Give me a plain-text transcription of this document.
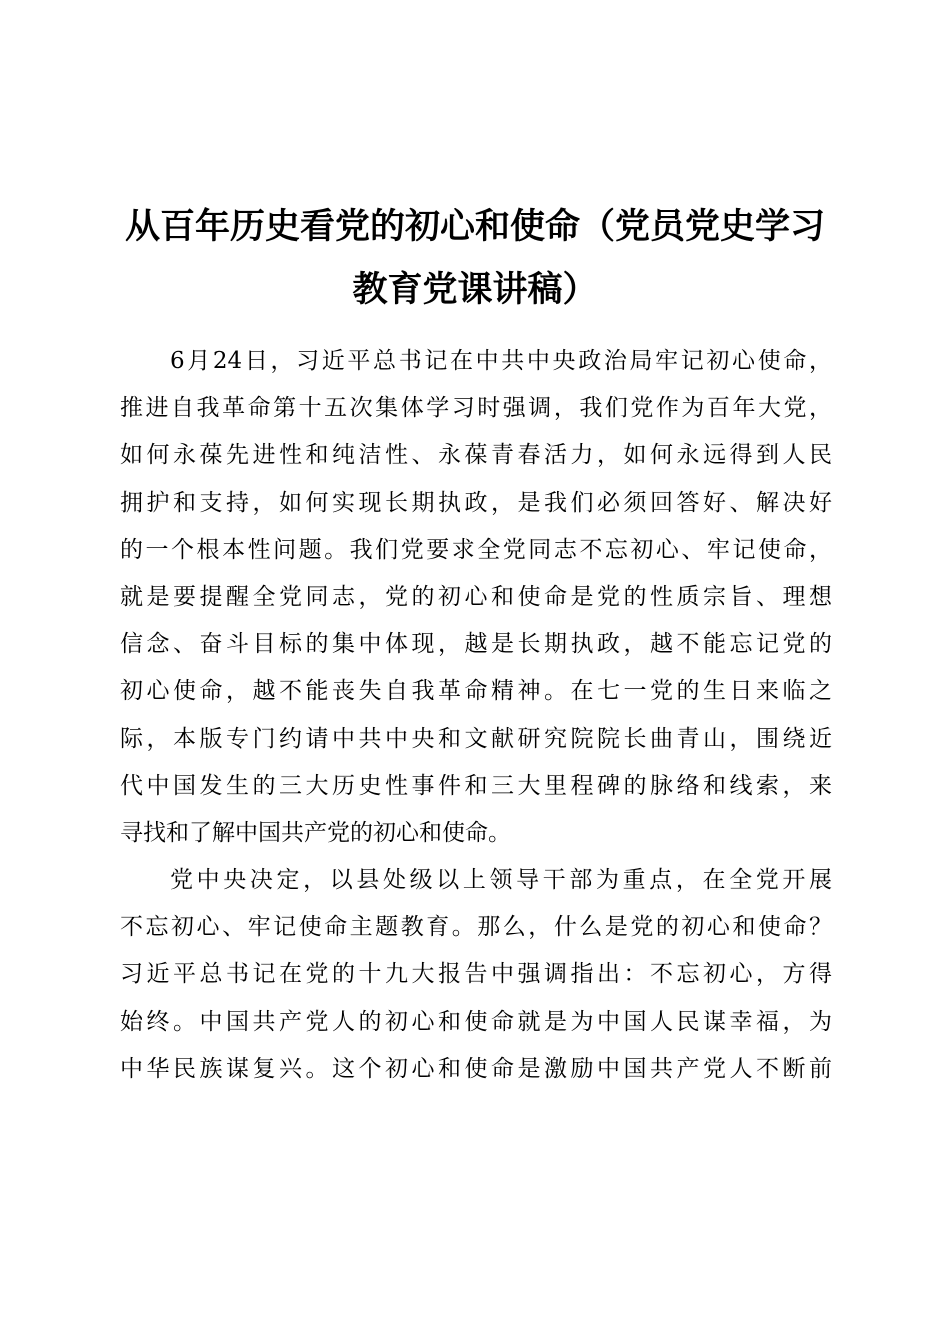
从百年历史看党的初心和使命（党员党史学习
教育党课讲稿）
6月24日，习近平总书记在中共中央政治局牢记初心使命，
推进自我革命第十五次集体学习时强调，我们党作为百年大党，
如何永葆先进性和纯洁性、永葆青春活力，如何永远得到人民
拥护和支持，如何实现长期执政，是我们必须回答好、解决好
的一个根本性问题。我们党要求全党同志不忘初心、牢记使命，
就是要提醒全党同志，党的初心和使命是党的性质宗旨、理想
信念、奋斗目标的集中体现，越是长期执政，越不能忘记党的
初心使命，越不能丧失自我革命精神。在七一党的生日来临之
际，本版专门约请中共中央和文献研究院院长曲青山，围绕近
代中国发生的三大历史性事件和三大里程碑的脉络和线索，来
寻找和了解中国共产党的初心和使命。
党中央决定，以县处级以上领导干部为重点，在全党开展
不忘初心、牢记使命主题教育。那么，什么是党的初心和使命？
习近平总书记在党的十九大报告中强调指出：不忘初心，方得
始终。中国共产党人的初心和使命就是为中国人民谋幸福，为
中华民族谋复兴。这个初心和使命是激励中国共产党人不断前
